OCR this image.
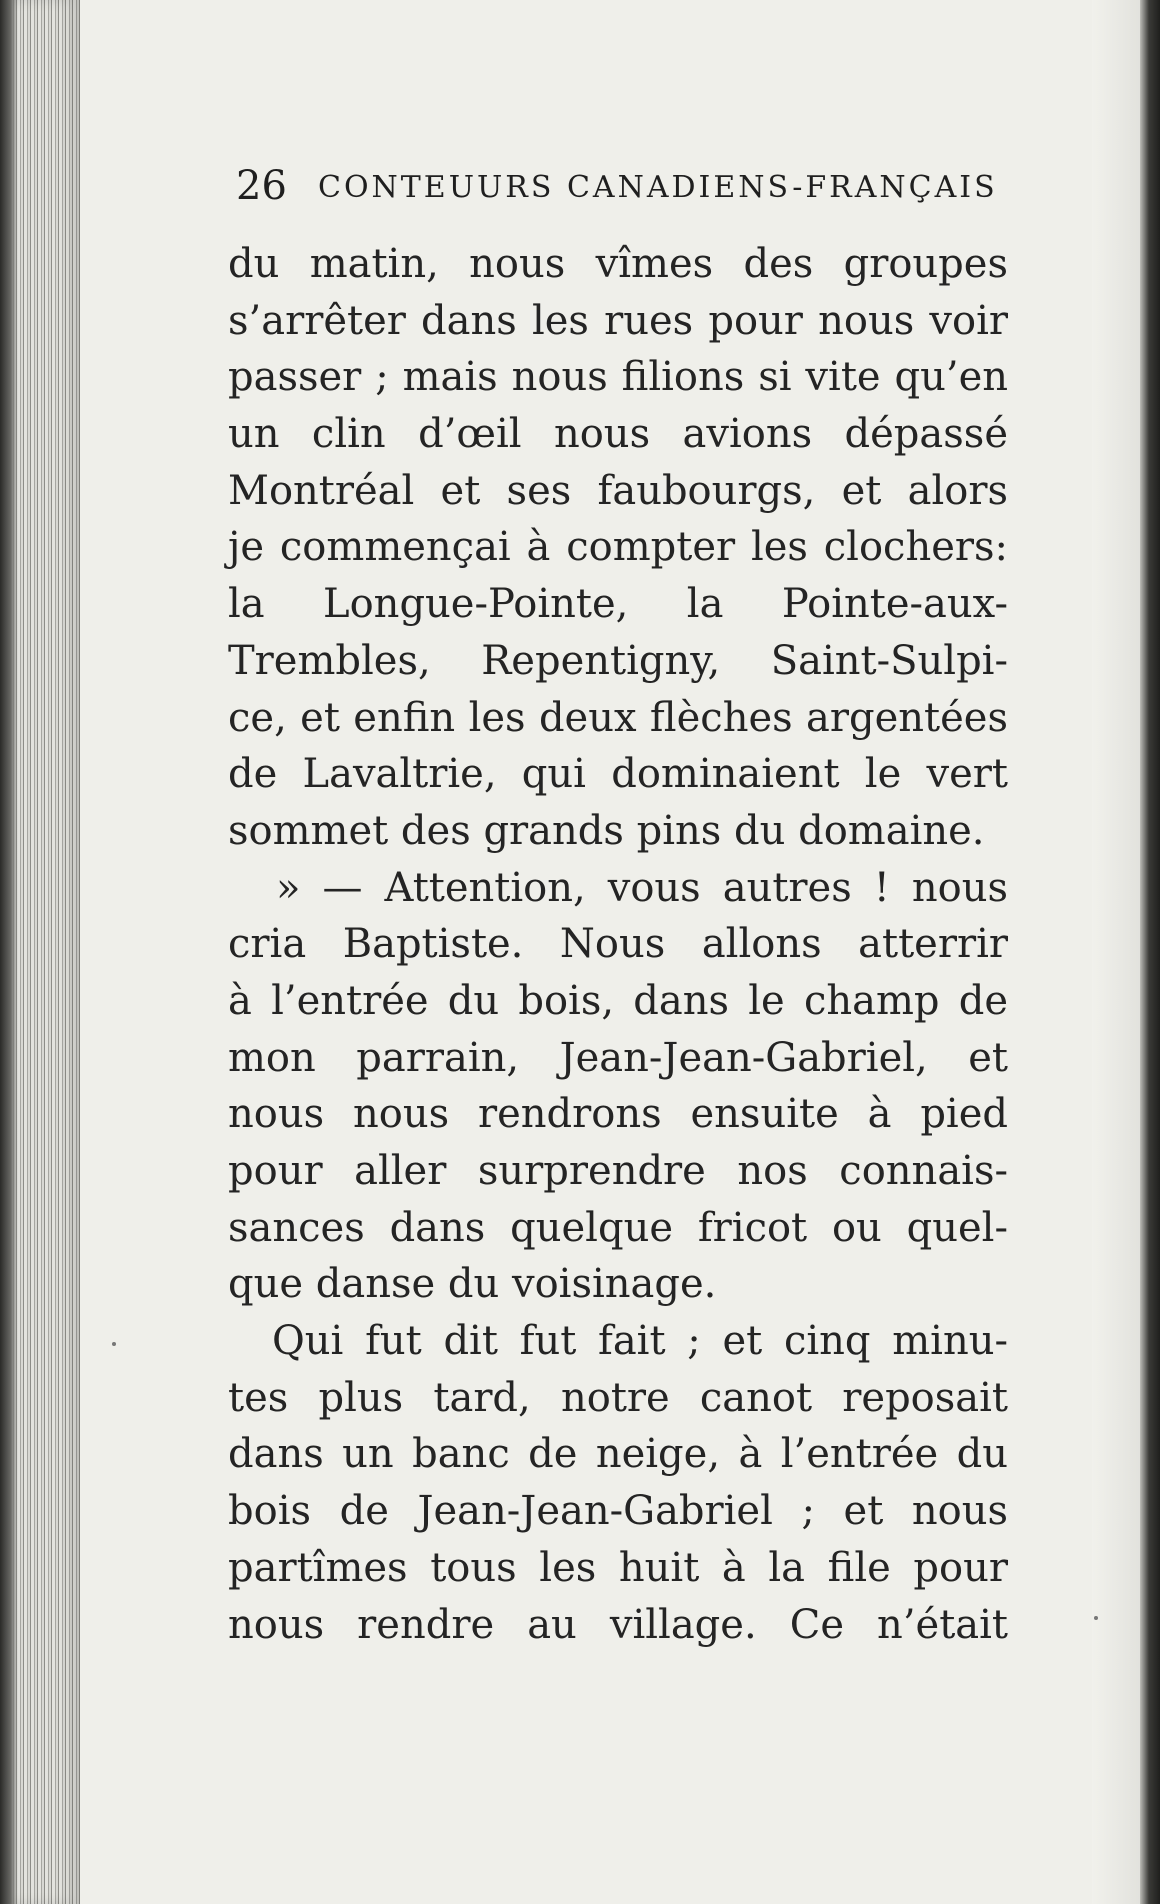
26 CONTEUURS CANADIENS-FRANÇAIS
du matin, nous vîmes des groupes
s’arrêter dans les rues pour nous voir
passer ; mais nous filions si vite qu’en
un clin d’œil nous avions dépassé
Montréal et ses faubourgs, et alors
je commençai à compter les clochers:
la Longue-Pointe, la Pointe-aux-
Trembles, Repentigny, Saint-Sulpi-
ce, et enfin les deux flèches argentées
de Lavaltrie, qui dominaient le vert
sommet des grands pins du domaine.
» — Attention, vous autres ! nous
cria Baptiste. Nous allons atterrir
à l’entrée du bois, dans le champ de
mon parrain, Jean-Jean-Gabriel, et
nous nous rendrons ensuite à pied
pour aller surprendre nos connais-
sances dans quelque fricot ou quel-
que danse du voisinage.
Qui fut dit fut fait ; et cinq minu-
tes plus tard, notre canot reposait
dans un banc de neige, à l’entrée du
bois de Jean-Jean-Gabriel ; et nous
partîmes tous les huit à la file pour
nous rendre au village. Ce n’était
